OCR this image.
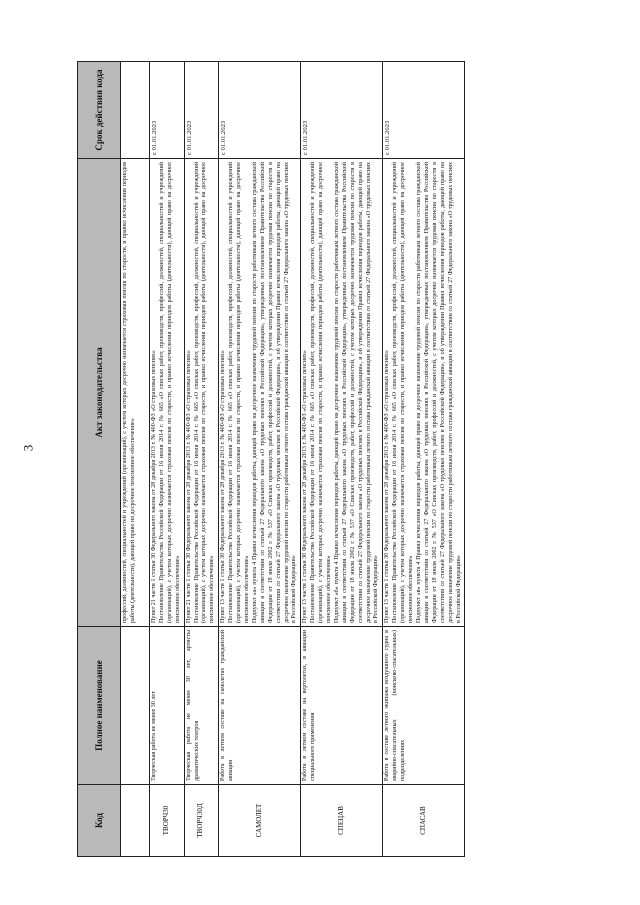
3
Код	Полное наименование	Акт законодательства	Срок действия кода

		профессий, должностей, специальностей и учреждений (организаций), с учетом которых досрочно назначается страховая пенсия по старости, и правил исчисления периодов работы (деятельности), дающей право на досрочное пенсионное обеспечение»	

ТВОРЧ30	Творческая работа не менее 30 лет	Пункт 21 части 1 статьи 30 Федерального закона от 28 декабря 2013 г. № 400-ФЗ «О страховых пенсиях» Постановление Правительства Российской Федерации от 16 июля 2014 г. № 665 «О списках работ, производств, профессий, должностей, специальностей и учреждений (организаций), с учетом которых досрочно назначается страховая пенсия по старости, и правил исчисления периодов работы (деятельности), дающей право на досрочное пенсионное обеспечение»	с 01.01.2023
ТВОРЧ30Д	Творческая работа не менее 30 лет, артисты драматических театров	Пункт 21 части 1 статьи 30 Федерального закона от 28 декабря 2013 г. № 400-ФЗ «О страховых пенсиях» Постановление Правительства Российской Федерации от 16 июля 2014 г. № 665 «О списках работ, производств, профессий, должностей, специальностей и учреждений (организаций), с учетом которых досрочно назначается страховая пенсия по старости, и правил исчисления периодов работы (деятельности), дающей право на досрочное пенсионное обеспечение»	с 01.01.2023
САМОЛЕТ	Работа в летном составе на самолетах гражданской авиации	Пункт 13 части 1 статьи 30 Федерального закона от 28 декабря 2013 г. № 400-ФЗ «О страховых пенсиях» Постановление Правительства Российской Федерации от 16 июля 2014 г. № 665 «О списках работ, производств, профессий, должностей, специальностей и учреждений (организаций), с учетом которых досрочно назначается страховая пенсия по старости, и правил исчисления периодов работы (деятельности), дающей право на досрочное пенсионное обеспечение» Подпункт «а» пункта 4 Правил исчисления периодов работы, дающей право на досрочное назначение трудовой пенсии по старости работникам летного состава гражданской авиации в соответствии со статьей 27 Федерального закона «О трудовых пенсиях в Российской Федерации», утвержденных постановлением Правительства Российской Федерации от 18 июля 2002 г. № 537 «О Списках производств, работ, профессий и должностей, с учетом которых досрочно назначается трудовая пенсия по старости в соответствии со статьей 27 Федерального закона «О трудовых пенсиях в Российской Федерации», и об утверждении Правил исчисления периодов работы, дающей право на досрочное назначение трудовой пенсии по старости работникам летного состава гражданской авиации в соответствии со статьей 27 Федерального закона «О трудовых пенсиях в Российской Федерации»	с 01.01.2023
СПЕЦАВ	Работа в летном составе на вертолетах, в авиации специального применения	Пункт 13 части 1 статьи 30 Федерального закона от 28 декабря 2013 г. № 400-ФЗ «О страховых пенсиях» Постановление Правительства Российской Федерации от 16 июля 2014 г. № 665 «О списках работ, производств, профессий, должностей, специальностей и учреждений (организаций), с учетом которых досрочно назначается страховая пенсия по старости, и правил исчисления периодов работы (деятельности), дающей право на досрочное пенсионное обеспечение» Подпункт «б» пункта 4 Правил исчисления периодов работы, дающей право на досрочное назначение трудовой пенсии по старости работникам летного состава гражданской авиации в соответствии со статьей 27 Федерального закона «О трудовых пенсиях в Российской Федерации», утвержденных постановлением Правительства Российской Федерации от 18 июля 2002 г. № 537 «О Списках производств, работ, профессий и должностей, с учетом которых досрочно назначается трудовая пенсия по старости в соответствии со статьей 27 Федерального закона «О трудовых пенсиях в Российской Федерации», и об утверждении Правил исчисления периодов работы, дающей право на досрочное назначение трудовой пенсии по старости работникам летного состава гражданской авиации в соответствии со статьей 27 Федерального закона «О трудовых пенсиях в Российской Федерации»	с 01.01.2023
СПАСАВ	Работа в составе летного экипажа воздушного судна в аварийно-спасательных (поисково-спасательных) подразделениях	Пункт 13 части 1 статьи 30 Федерального закона от 28 декабря 2013 г. № 400-ФЗ «О страховых пенсиях» Постановление Правительства Российской Федерации от 16 июля 2014 г. № 665 «О списках работ, производств, профессий, должностей, специальностей и учреждений (организаций), с учетом которых досрочно назначается страховая пенсия по старости, и правил исчисления периодов работы (деятельности), дающей право на досрочное пенсионное обеспечение» Подпункт «в» пункта 4 Правил исчисления периодов работы, дающей право на досрочное назначение трудовой пенсии по старости работникам летного состава гражданской авиации в соответствии со статьей 27 Федерального закона «О трудовых пенсиях в Российской Федерации», утвержденных постановлением Правительства Российской Федерации от 18 июля 2002 г. № 537 «О Списках производств, работ, профессий и должностей, с учетом которых досрочно назначается трудовая пенсия по старости в соответствии со статьей 27 Федерального закона «О трудовых пенсиях в Российской Федерации», и об утверждении Правил исчисления периодов работы, дающей право на досрочное назначение трудовой пенсии по старости работникам летного состава гражданской авиации в соответствии со статьей 27 Федерального закона «О трудовых пенсиях в Российской Федерации»	с 01.01.2023
